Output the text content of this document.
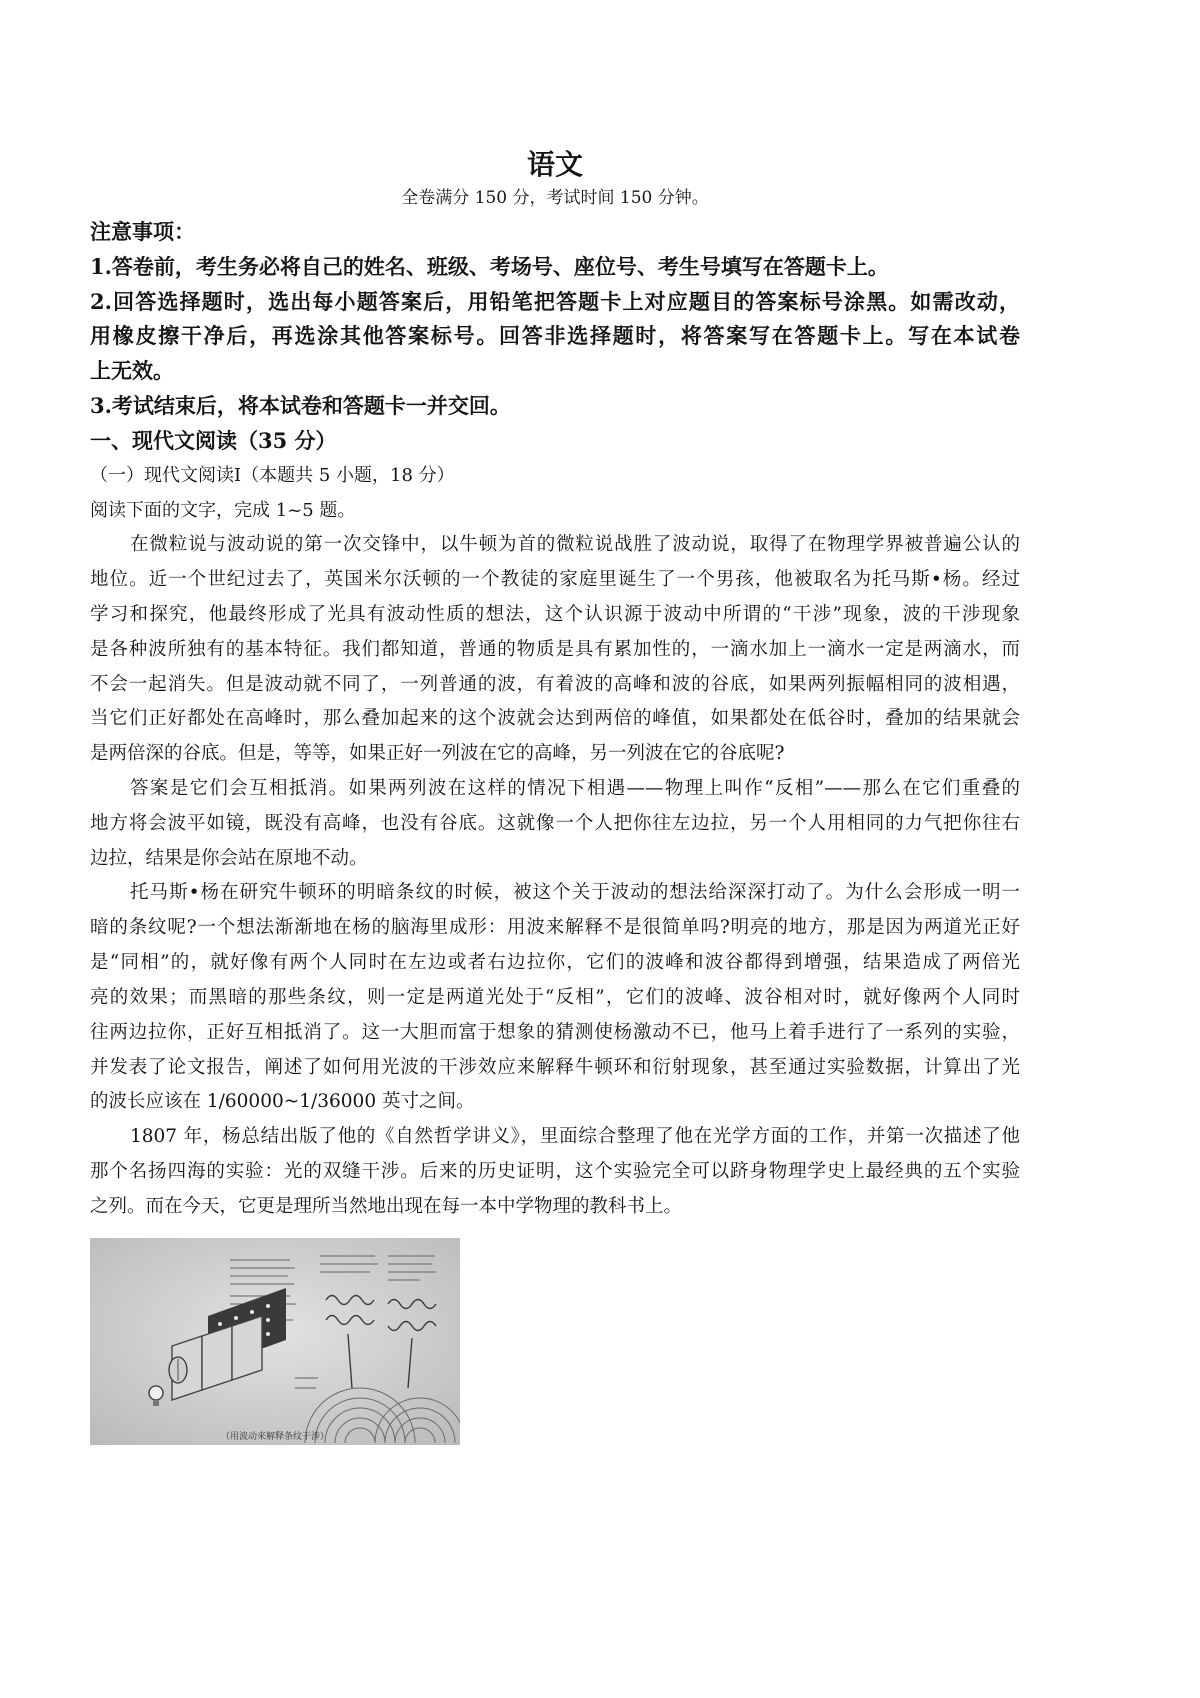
语文
全卷满分 150 分，考试时间 150 分钟。
注意事项：
1.答卷前，考生务必将自己的姓名、班级、考场号、座位号、考生号填写在答题卡上。
2.回答选择题时，选出每小题答案后，用铅笔把答题卡上对应题目的答案标号涂黑。如需改动，
用橡皮擦干净后，再选涂其他答案标号。回答非选择题时，将答案写在答题卡上。写在本试卷
上无效。
3.考试结束后，将本试卷和答题卡一并交回。
一、现代文阅读（35 分）
（一）现代文阅读Ⅰ（本题共 5 小题，18 分）
阅读下面的文字，完成 1~5 题。
在微粒说与波动说的第一次交锋中，以牛顿为首的微粒说战胜了波动说，取得了在物理学界被普遍公认的
地位。近一个世纪过去了，英国米尔沃顿的一个教徒的家庭里诞生了一个男孩，他被取名为托马斯•杨。经过
学习和探究，他最终形成了光具有波动性质的想法，这个认识源于波动中所谓的“干涉”现象，波的干涉现象
是各种波所独有的基本特征。我们都知道，普通的物质是具有累加性的，一滴水加上一滴水一定是两滴水，而
不会一起消失。但是波动就不同了，一列普通的波，有着波的高峰和波的谷底，如果两列振幅相同的波相遇，
当它们正好都处在高峰时，那么叠加起来的这个波就会达到两倍的峰值，如果都处在低谷时，叠加的结果就会
是两倍深的谷底。但是，等等，如果正好一列波在它的高峰，另一列波在它的谷底呢?
答案是它们会互相抵消。如果两列波在这样的情况下相遇——物理上叫作“反相”——那么在它们重叠的
地方将会波平如镜，既没有高峰，也没有谷底。这就像一个人把你往左边拉，另一个人用相同的力气把你往右
边拉，结果是你会站在原地不动。
托马斯•杨在研究牛顿环的明暗条纹的时候，被这个关于波动的想法给深深打动了。为什么会形成一明一
暗的条纹呢?一个想法渐渐地在杨的脑海里成形：用波来解释不是很简单吗?明亮的地方，那是因为两道光正好
是“同相”的，就好像有两个人同时在左边或者右边拉你，它们的波峰和波谷都得到增强，结果造成了两倍光
亮的效果；而黑暗的那些条纹，则一定是两道光处于“反相”，它们的波峰、波谷相对时，就好像两个人同时
往两边拉你，正好互相抵消了。这一大胆而富于想象的猜测使杨激动不已，他马上着手进行了一系列的实验，
并发表了论文报告，阐述了如何用光波的干涉效应来解释牛顿环和衍射现象，甚至通过实验数据，计算出了光
的波长应该在 1/60000~1/36000 英寸之间。
1807 年，杨总结出版了他的《自然哲学讲义》，里面综合整理了他在光学方面的工作，并第一次描述了他
那个名扬四海的实验：光的双缝干涉。后来的历史证明，这个实验完全可以跻身物理学史上最经典的五个实验
之列。而在今天，它更是理所当然地出现在每一本中学物理的教科书上。
（用波动来解释条纹干涉）
